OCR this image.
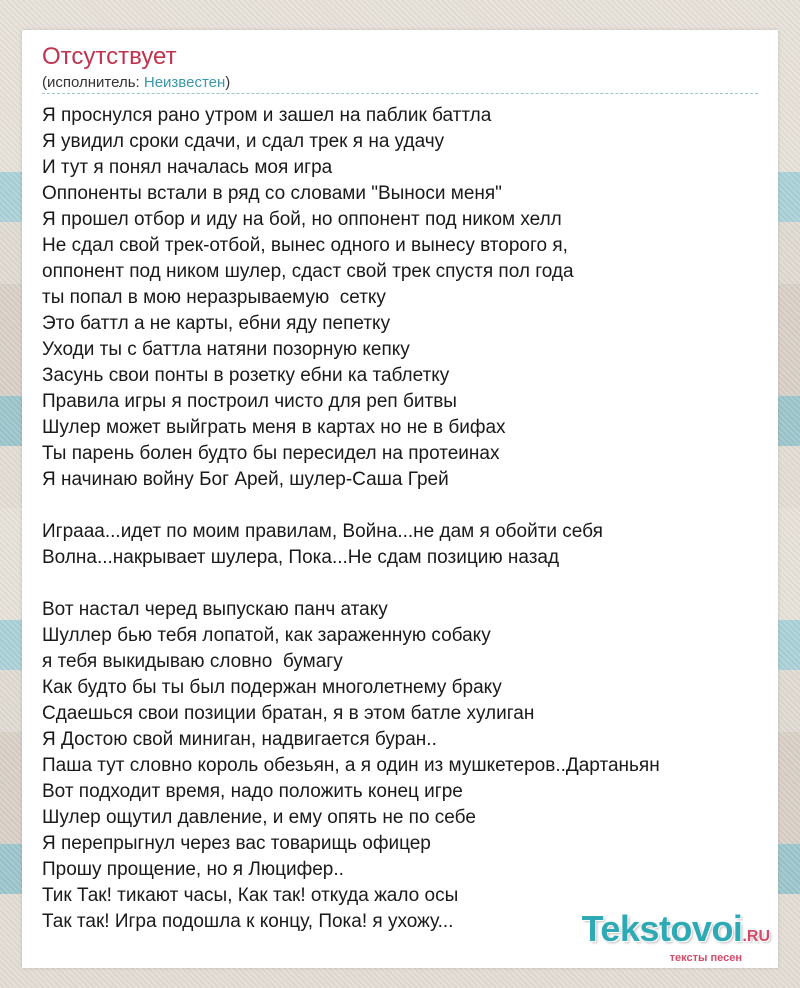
Отсутствует
(исполнитель: Неизвестен)
Я проснулся рано утром и зашел на паблик баттла
Я увидил сроки сдачи, и сдал трек я на удачу
И тут я понял началась моя игра
Оппоненты встали в ряд со словами "Выноси меня"
Я прошел отбор и иду на бой, но оппонент под ником хелл
Не сдал свой трек-отбой, вынес одного и вынесу второго я,
оппонент под ником шулер, сдаст свой трек спустя пол года
ты попал в мою неразрываемую  сетку
Это баттл а не карты, ебни яду пепетку
Уходи ты с баттла натяни позорную кепку
Засунь свои понты в розетку ебни ка таблетку
Правила игры я построил чисто для реп битвы
Шулер может выйграть меня в картах но не в бифах
Ты парень болен будто бы пересидел на протеинах
Я начинаю войну Бог Арей, шулер-Саша Грей
Играаа...идет по моим правилам, Война...не дам я обойти себя
Волна...накрывает шулера, Пока...Не сдам позицию назад
Вот настал черед выпускаю панч атаку
Шуллер бью тебя лопатой, как зараженную собаку
я тебя выкидываю словно  бумагу
Как будто бы ты был подержан многолетнему браку
Сдаешься свои позиции братан, я в этом батле хулиган
Я Достою свой миниган, надвигается буран..
Паша тут словно король обезьян, а я один из мушкетеров..Дартаньян
Вот подходит время, надо положить конец игре
Шулер ощутил давление, и ему опять не по себе
Я перепрыгнул через вас товарищь офицер
Прошу прощение, но я Люцифер..
Тик Так! тикают часы, Как так! откуда жало осы
Так так! Игра подошла к концу, Пока! я ухожу...	Tekstovoi.RU
тексты песен
